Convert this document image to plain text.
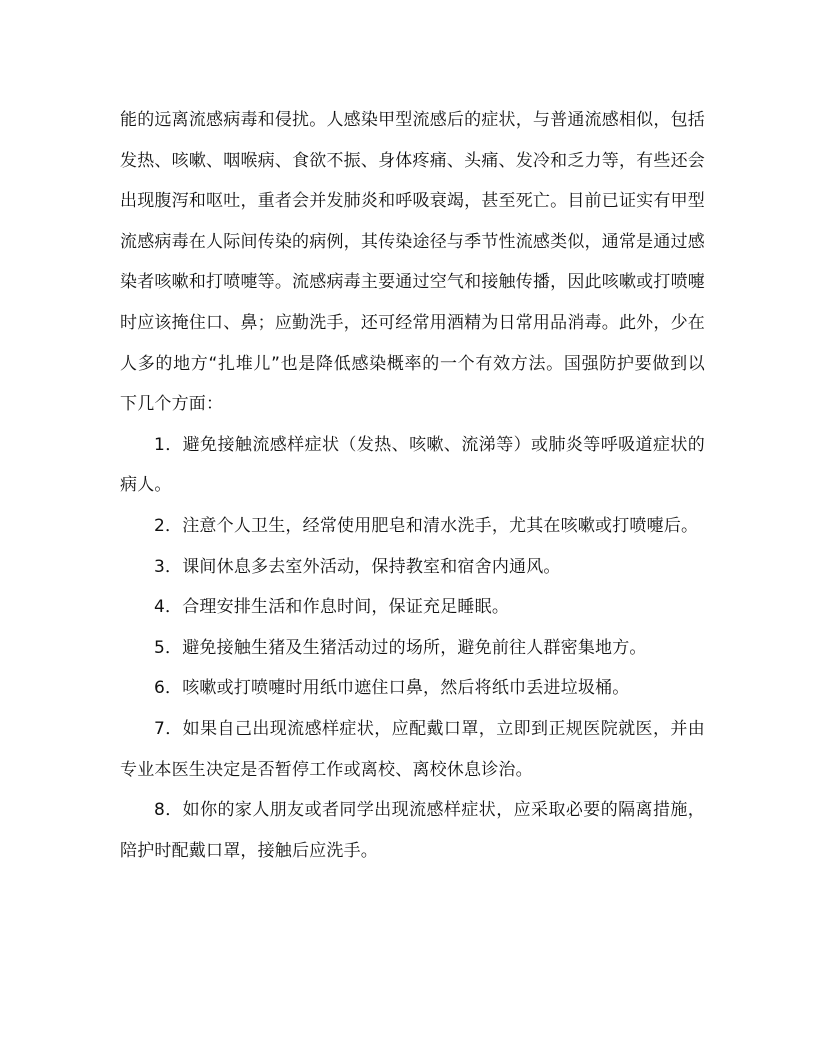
能的远离流感病毒和侵扰。人感染甲型流感后的症状，与普通流感相似，包括发热、咳嗽、咽喉病、食欲不振、身体疼痛、头痛、发冷和乏力等，有些还会出现腹泻和呕吐，重者会并发肺炎和呼吸衰竭，甚至死亡。目前已证实有甲型流感病毒在人际间传染的病例，其传染途径与季节性流感类似，通常是通过感染者咳嗽和打喷嚏等。流感病毒主要通过空气和接触传播，因此咳嗽或打喷嚏时应该掩住口、鼻；应勤洗手，还可经常用酒精为日常用品消毒。此外，少在人多的地方“扎堆儿”也是降低感染概率的一个有效方法。国强防护要做到以下几个方面：

1．避免接触流感样症状（发热、咳嗽、流涕等）或肺炎等呼吸道症状的病人。

2．注意个人卫生，经常使用肥皂和清水洗手，尤其在咳嗽或打喷嚏后。

3．课间休息多去室外活动，保持教室和宿舍内通风。

4．合理安排生活和作息时间，保证充足睡眠。

5．避免接触生猪及生猪活动过的场所，避免前往人群密集地方。

6．咳嗽或打喷嚏时用纸巾遮住口鼻，然后将纸巾丢进垃圾桶。

7．如果自己出现流感样症状，应配戴口罩，立即到正规医院就医，并由专业本医生决定是否暂停工作或离校、离校休息诊治。

8．如你的家人朋友或者同学出现流感样症状，应采取必要的隔离措施，陪护时配戴口罩，接触后应洗手。
